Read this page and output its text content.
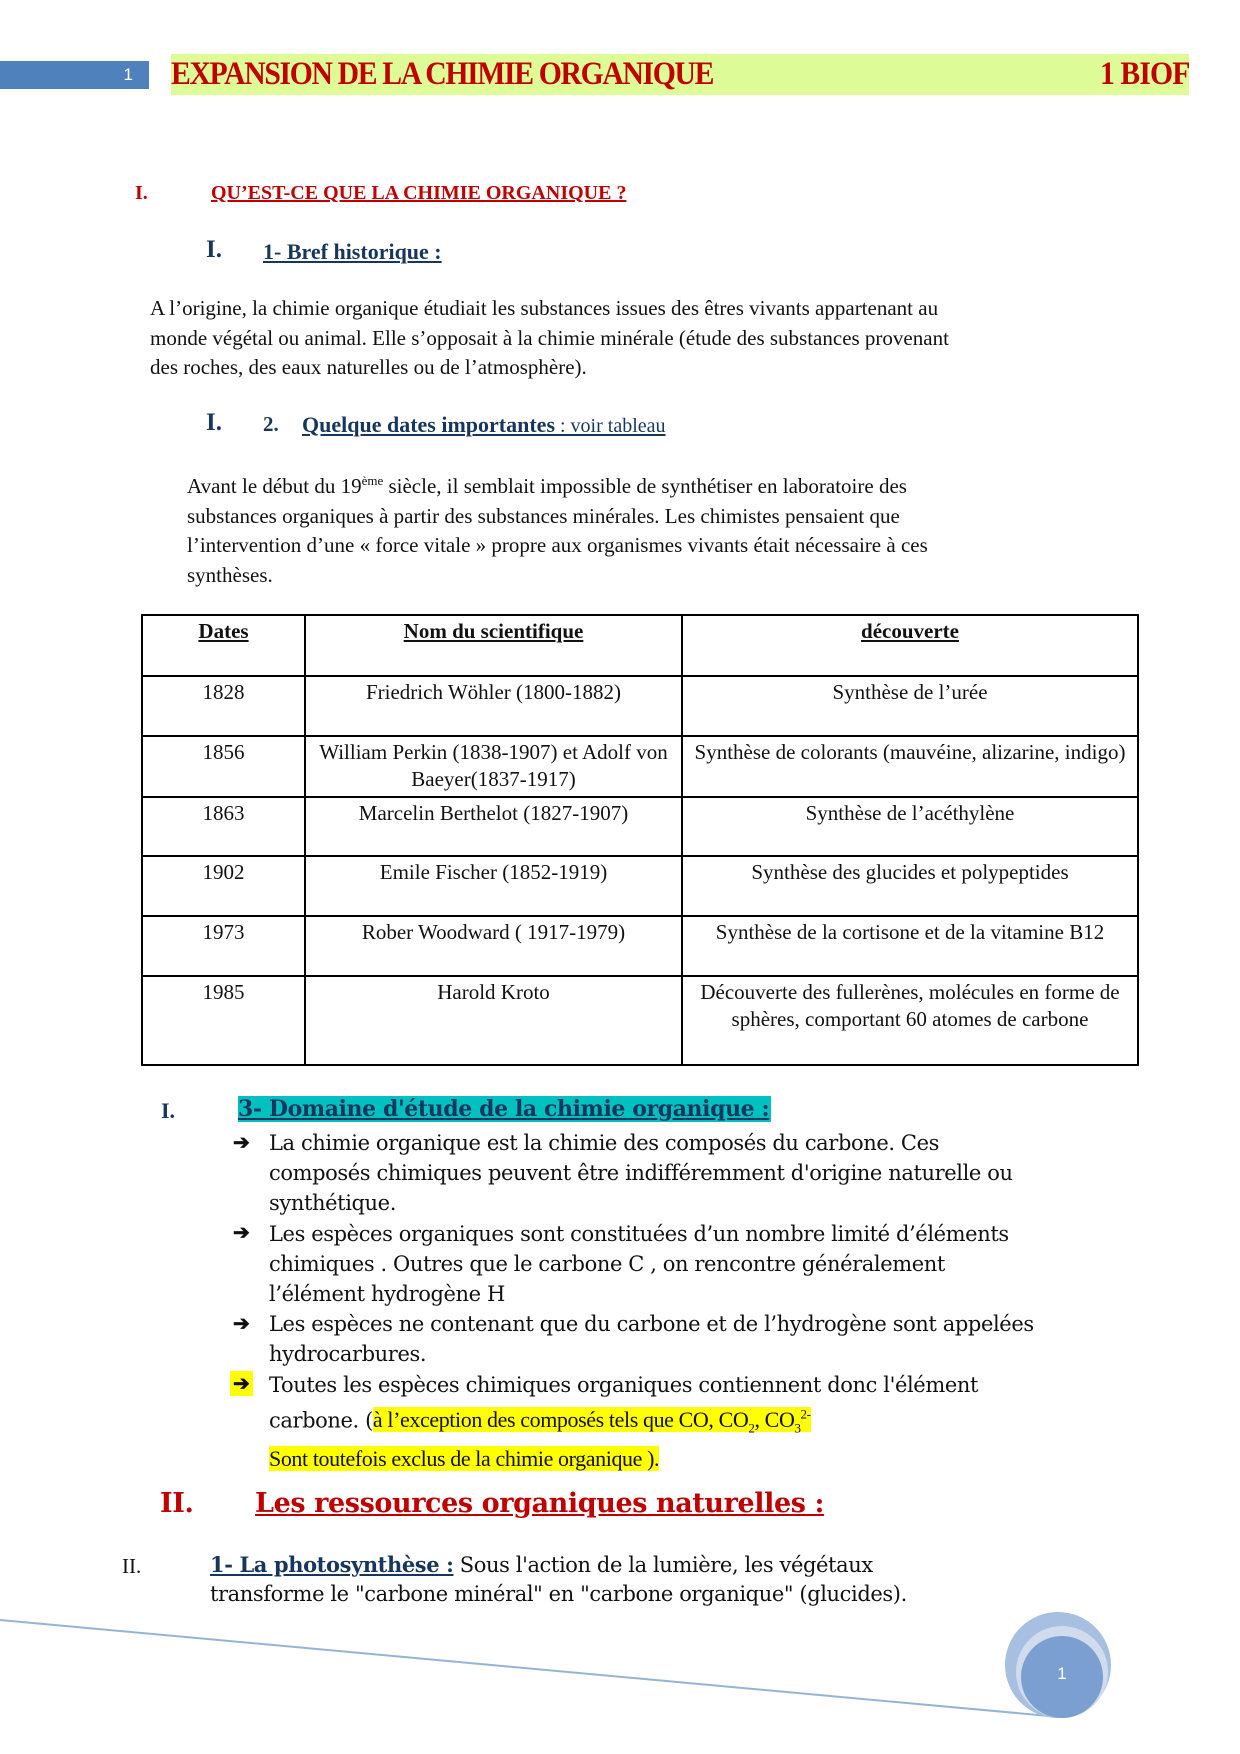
1	EXPANSION DE LA CHIMIE ORGANIQUE	1 BIOF
I.	QU’EST-CE QUE LA CHIMIE ORGANIQUE ?
I. 1- Bref historique :
A l’origine, la chimie organique étudiait les substances issues des êtres vivants appartenant au
monde végétal ou animal. Elle s’opposait à la chimie minérale (étude des substances provenant
des roches, des eaux naturelles ou de l’atmosphère).
I. 2. Quelque dates importantes : voir tableau
Avant le début du 19ème siècle, il semblait impossible de synthétiser en laboratoire des
substances organiques à partir des substances minérales. Les chimistes pensaient que
l’intervention d’une « force vitale » propre aux organismes vivants était nécessaire à ces
synthèses.
Dates	Nom du scientifique	découverte
1828	Friedrich Wöhler (1800-1882)	Synthèse de l’urée
1856	William Perkin (1838-1907) et Adolf von Baeyer(1837-1917)	Synthèse de colorants (mauvéine, alizarine, indigo)
1863	Marcelin Berthelot (1827-1907)	Synthèse de l’acéthylène
1902	Emile Fischer (1852-1919)	Synthèse des glucides et polypeptides
1973	Rober Woodward ( 1917-1979)	Synthèse de la cortisone et de la vitamine B12
1985	Harold Kroto	Découverte des fullerènes, molécules en forme de sphères, comportant 60 atomes de carbone
I.	3- Domaine d'étude de la chimie organique :
La chimie organique est la chimie des composés du carbone. Ces
composés chimiques peuvent être indifféremment d'origine naturelle ou
synthétique.
Les espèces organiques sont constituées d’un nombre limité d’éléments
chimiques . Outres que le carbone C , on rencontre généralement
l’élément hydrogène H
Les espèces ne contenant que du carbone et de l’hydrogène sont appelées
hydrocarbures.
Toutes les espèces chimiques organiques contiennent donc l'élément
carbone. (à l’exception des composés tels que CO, $CO_2$, $CO_3^{2-}$
Sont toutefois exclus de la chimie organique ).
➔
➔
➔
➔
II. Les ressources organiques naturelles :
II.	1- La photosynthèse : Sous l'action de la lumière, les végétaux
transforme le "carbone minéral" en "carbone organique" (glucides).
1
